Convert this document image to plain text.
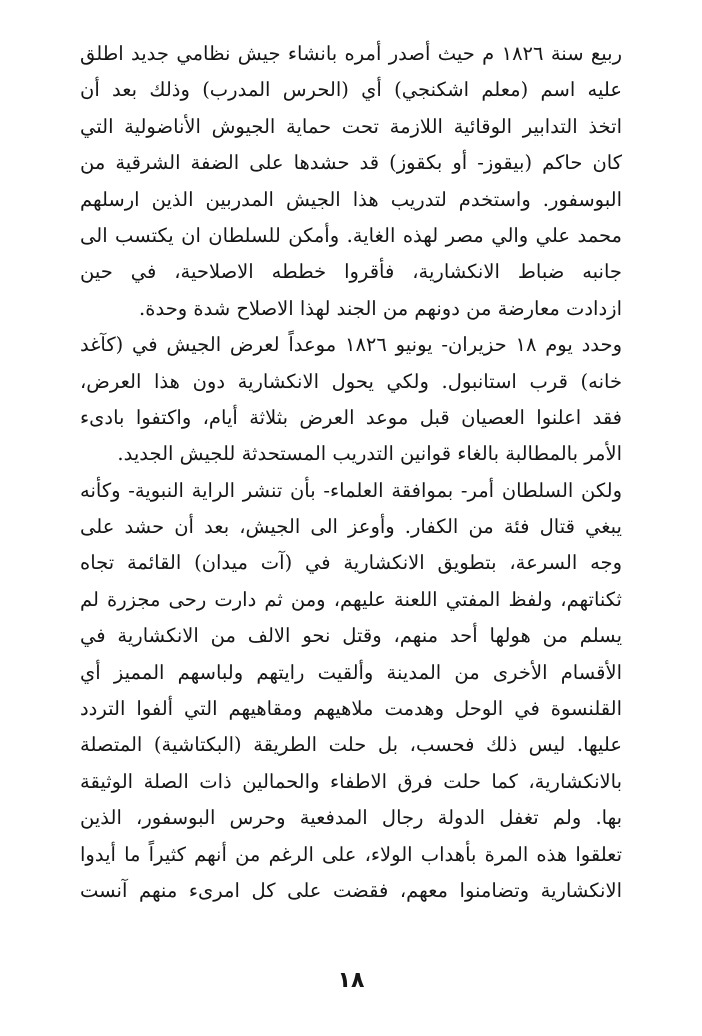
ربيع سنة ١٨٢٦ م حيث أصدر أمره بانشاء جيش نظامي جديد اطلق
عليه اسم (معلم اشكنجي) أي (الحرس المدرب) وذلك بعد أن
اتخذ التدابير الوقائية اللازمة تحت حماية الجيوش الأناضولية التي
كان حاكم (بيقوز- أو بكقوز) قد حشدها على الضفة الشرقية من
البوسفور. واستخدم لتدريب هذا الجيش المدربين الذين ارسلهم
محمد علي والي مصر لهذه الغاية. وأمكن للسلطان ان يكتسب الى
جانبه ضباط الانكشارية، فأقروا خططه الاصلاحية، في حين
ازدادت معارضة من دونهم من الجند لهذا الاصلاح شدة وحدة.
وحدد يوم ١٨ حزيران- يونيو ١٨٢٦ موعداً لعرض الجيش في (كآغد
خانه) قرب استانبول. ولكي يحول الانكشارية دون هذا العرض،
فقد اعلنوا العصيان قبل موعد العرض بثلاثة أيام، واكتفوا بادىء
الأمر بالمطالبة بالغاء قوانين التدريب المستحدثة للجيش الجديد.
ولكن السلطان أمر- بموافقة العلماء- بأن تنشر الراية النبوية- وكأنه
يبغي قتال فئة من الكفار. وأوعز الى الجيش، بعد أن حشد على
وجه السرعة، بتطويق الانكشارية في (آت ميدان) القائمة تجاه
ثكناتهم، ولفظ المفتي اللعنة عليهم، ومن ثم دارت رحى مجزرة لم
يسلم من هولها أحد منهم، وقتل نحو الالف من الانكشارية في
الأقسام الأخرى من المدينة وألقيت رايتهم ولباسهم المميز أي
القلنسوة في الوحل وهدمت ملاهيهم ومقاهيهم التي ألفوا التردد
عليها. ليس ذلك فحسب، بل حلت الطريقة (البكتاشية) المتصلة
بالانكشارية، كما حلت فرق الاطفاء والحمالين ذات الصلة الوثيقة
بها. ولم تغفل الدولة رجال المدفعية وحرس البوسفور، الذين
تعلقوا هذه المرة بأهداب الولاء، على الرغم من أنهم كثيراً ما أيدوا
الانكشارية وتضامنوا معهم، فقضت على كل امرىء منهم آنست
١٨
